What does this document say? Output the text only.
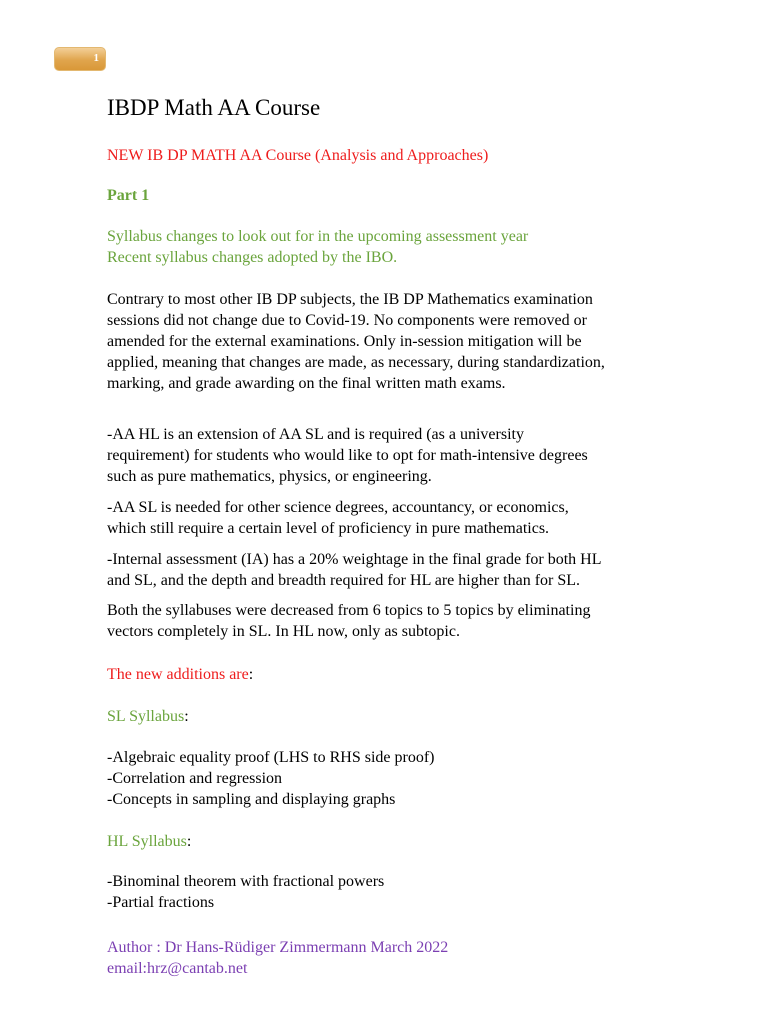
1
IBDP Math AA Course
NEW IB DP MATH AA Course (Analysis and Approaches)
Part 1

Syllabus changes to look out for in the upcoming assessment year

Recent syllabus changes adopted by the IBO.

Contrary to most other IB DP subjects, the IB DP Mathematics examination

sessions did not change due to Covid-19. No components were removed or

amended for the external examinations. Only in-session mitigation will be

applied, meaning that changes are made, as necessary, during standardization,

marking, and grade awarding on the final written math exams.

-AA HL is an extension of AA SL and is required (as a university

requirement) for students who would like to opt for math-intensive degrees

such as pure mathematics, physics, or engineering.

-AA SL is needed for other science degrees, accountancy, or economics,

which still require a certain level of proficiency in pure mathematics.

-Internal assessment (IA) has a 20% weightage in the final grade for both HL

and SL, and the depth and breadth required for HL are higher than for SL.

Both the syllabuses were decreased from 6 topics to 5 topics by eliminating

vectors completely in SL. In HL now, only as subtopic.

The new additions are:
SL Syllabus:

-Algebraic equality proof (LHS to RHS side proof)

-Correlation and regression

-Concepts in sampling and displaying graphs

HL Syllabus:

-Binominal theorem with fractional powers

-Partial fractions

Author : Dr Hans-Rüdiger Zimmermann March 2022

email:hrz@cantab.net
